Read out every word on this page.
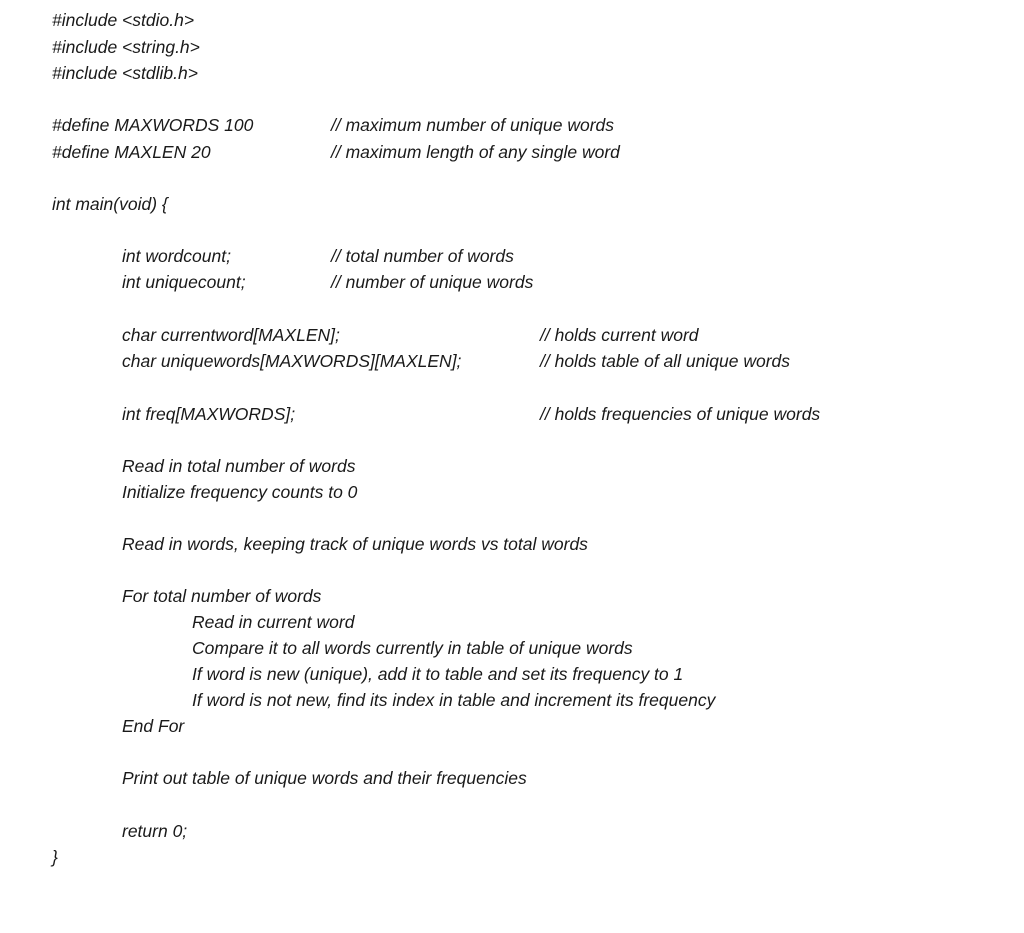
#include <stdio.h>
#include <string.h>
#include <stdlib.h>
#define MAXWORDS 100	// maximum number of unique words
#define MAXLEN 20	// maximum length of any single word
int main(void) {
int wordcount;	// total number of words
int uniquecount;	// number of unique words
char currentword[MAXLEN];	// holds current word
char uniquewords[MAXWORDS][MAXLEN];	// holds table of all unique words
int freq[MAXWORDS];	// holds frequencies of unique words
Read in total number of words
Initialize frequency counts to 0
Read in words, keeping track of unique words vs total words
For total number of words
Read in current word
Compare it to all words currently in table of unique words
If word is new (unique), add it to table and set its frequency to 1
If word is not new, find its index in table and increment its frequency
End For
Print out table of unique words and their frequencies
return 0;
}
